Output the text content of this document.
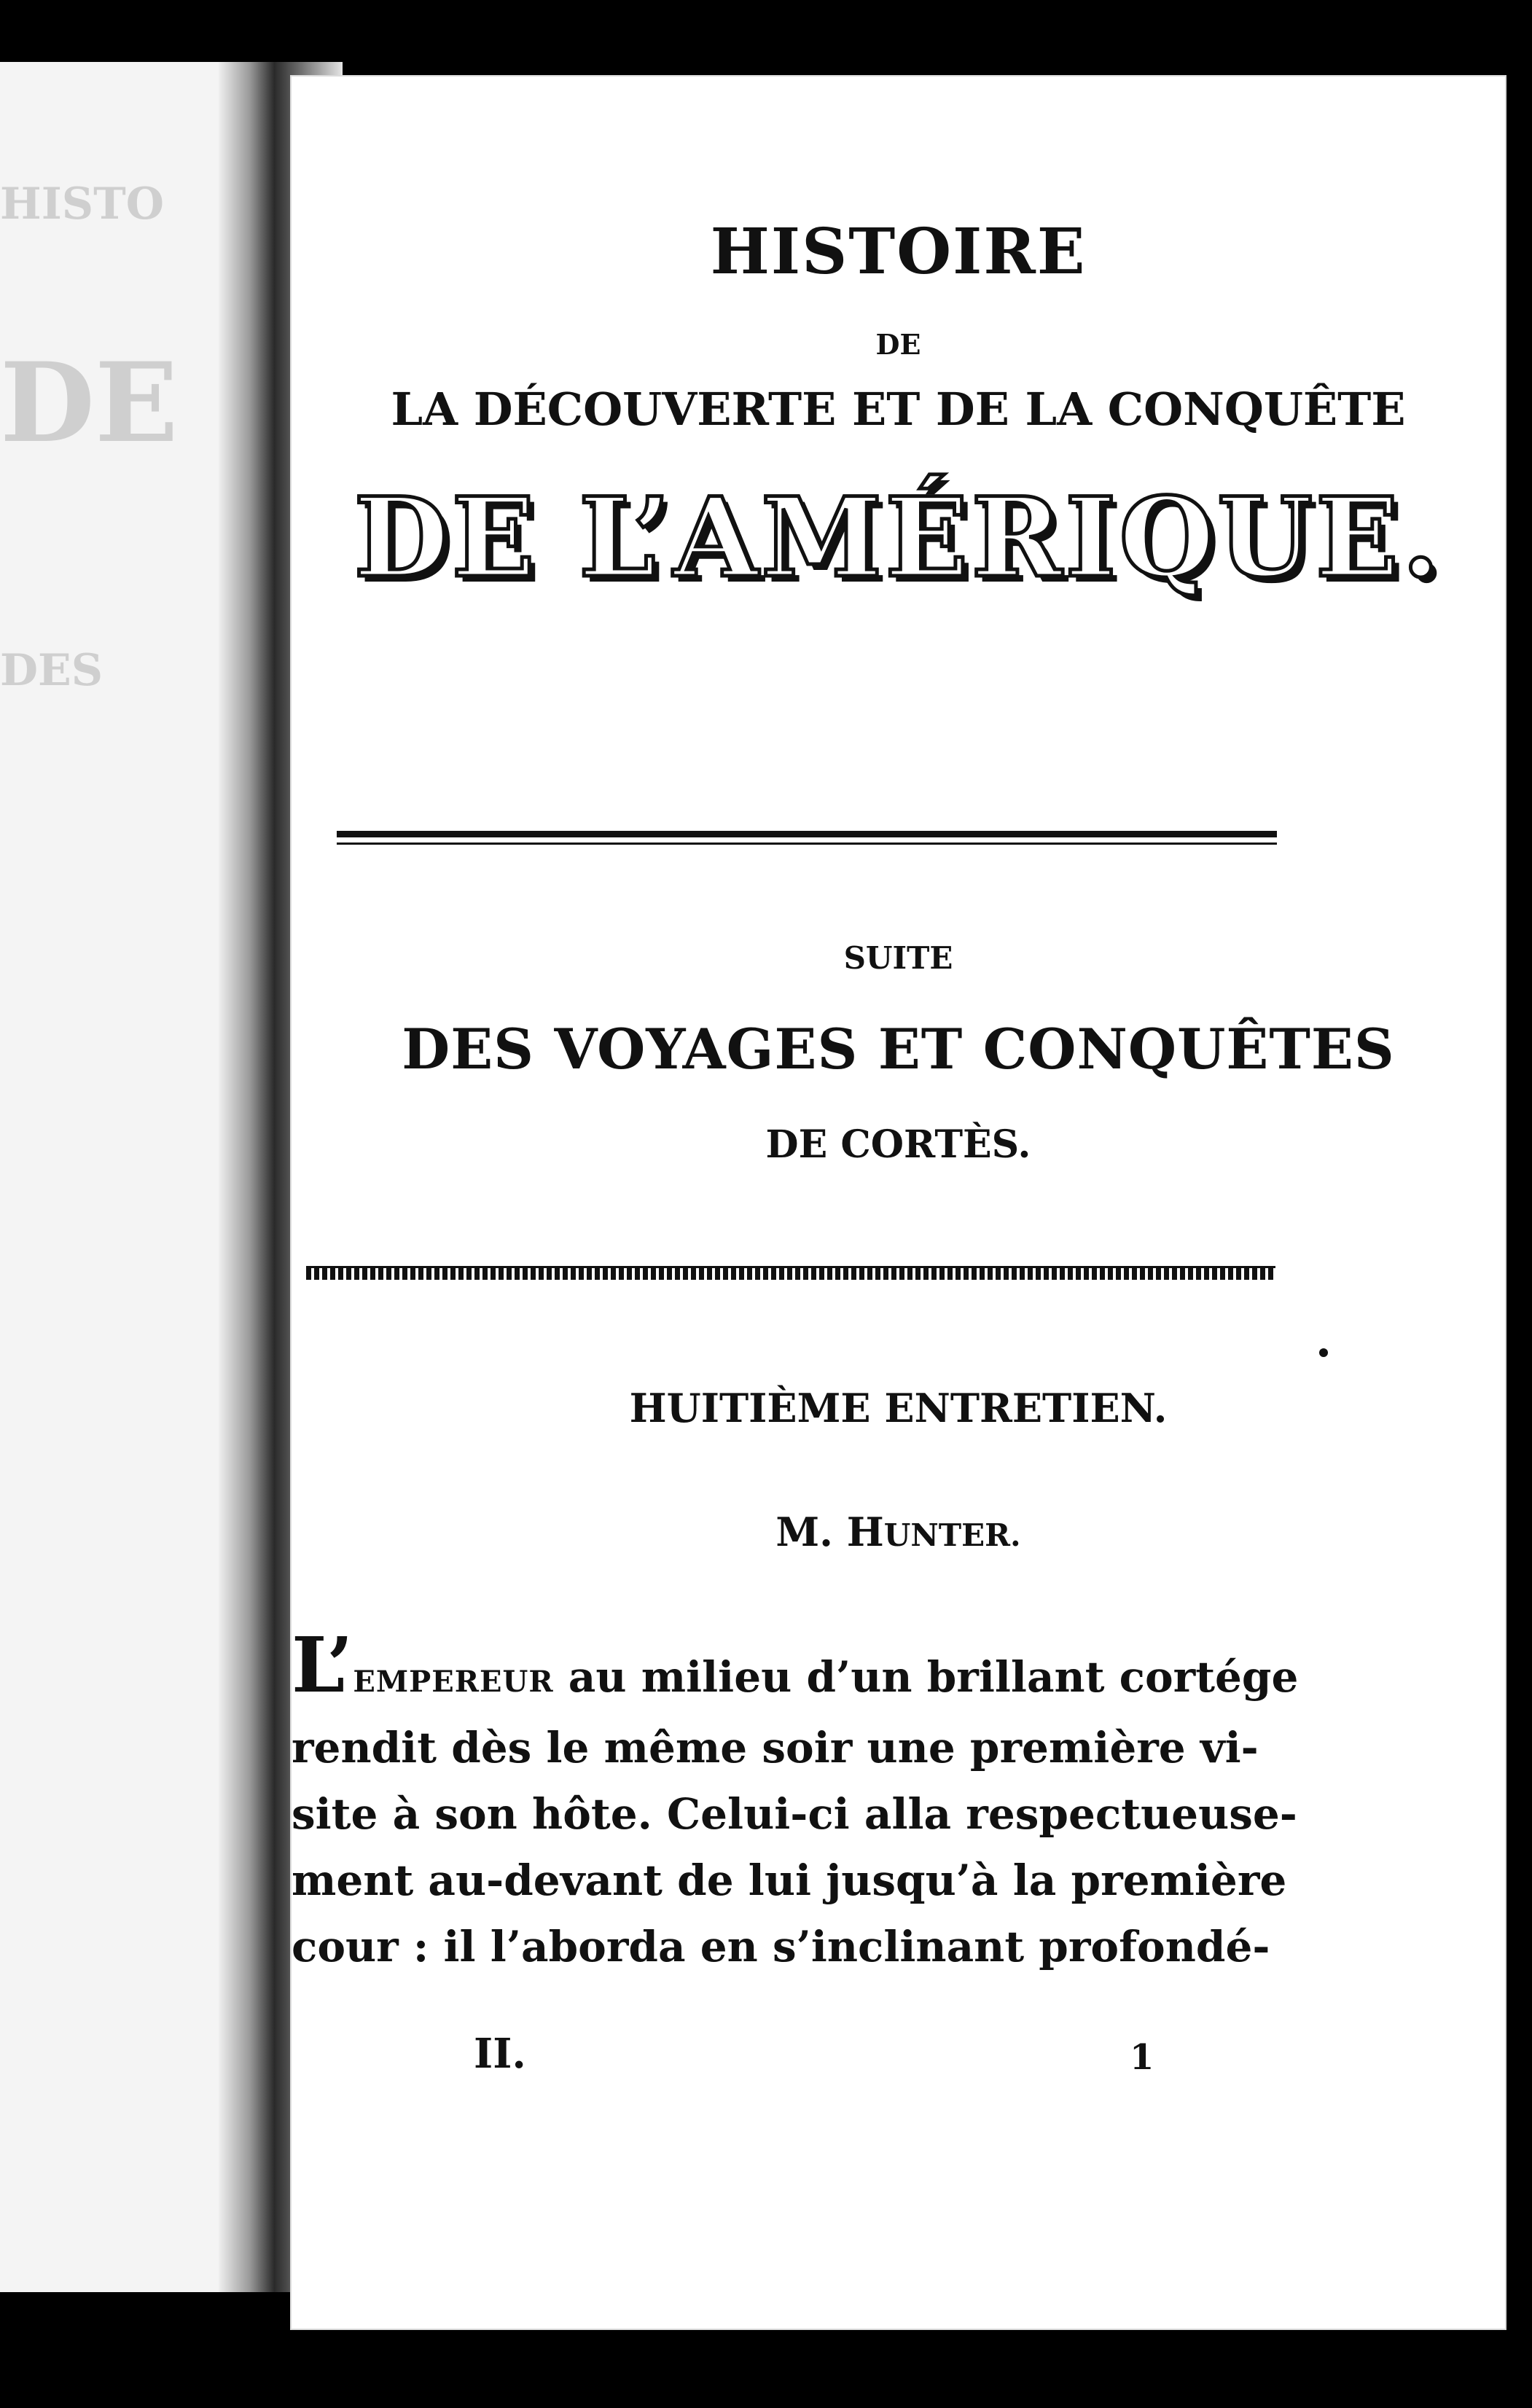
HISTO
DE
DES
HISTOIRE
DE
LA DÉCOUVERTE ET DE LA CONQUÊTE
DE L’AMÉRIQUE.
SUITE
DES VOYAGES ET CONQUÊTES
DE CORTÈS.
HUITIÈME ENTRETIEN.
M. HUNTER.
L’EMPEREUR au milieu d’un brillant cortége
rendit dès le même soir une première vi-
site à son hôte. Celui-ci alla respectueuse-
ment au-devant de lui jusqu’à la première
cour : il l’aborda en s’inclinant profondé-
II.	1
